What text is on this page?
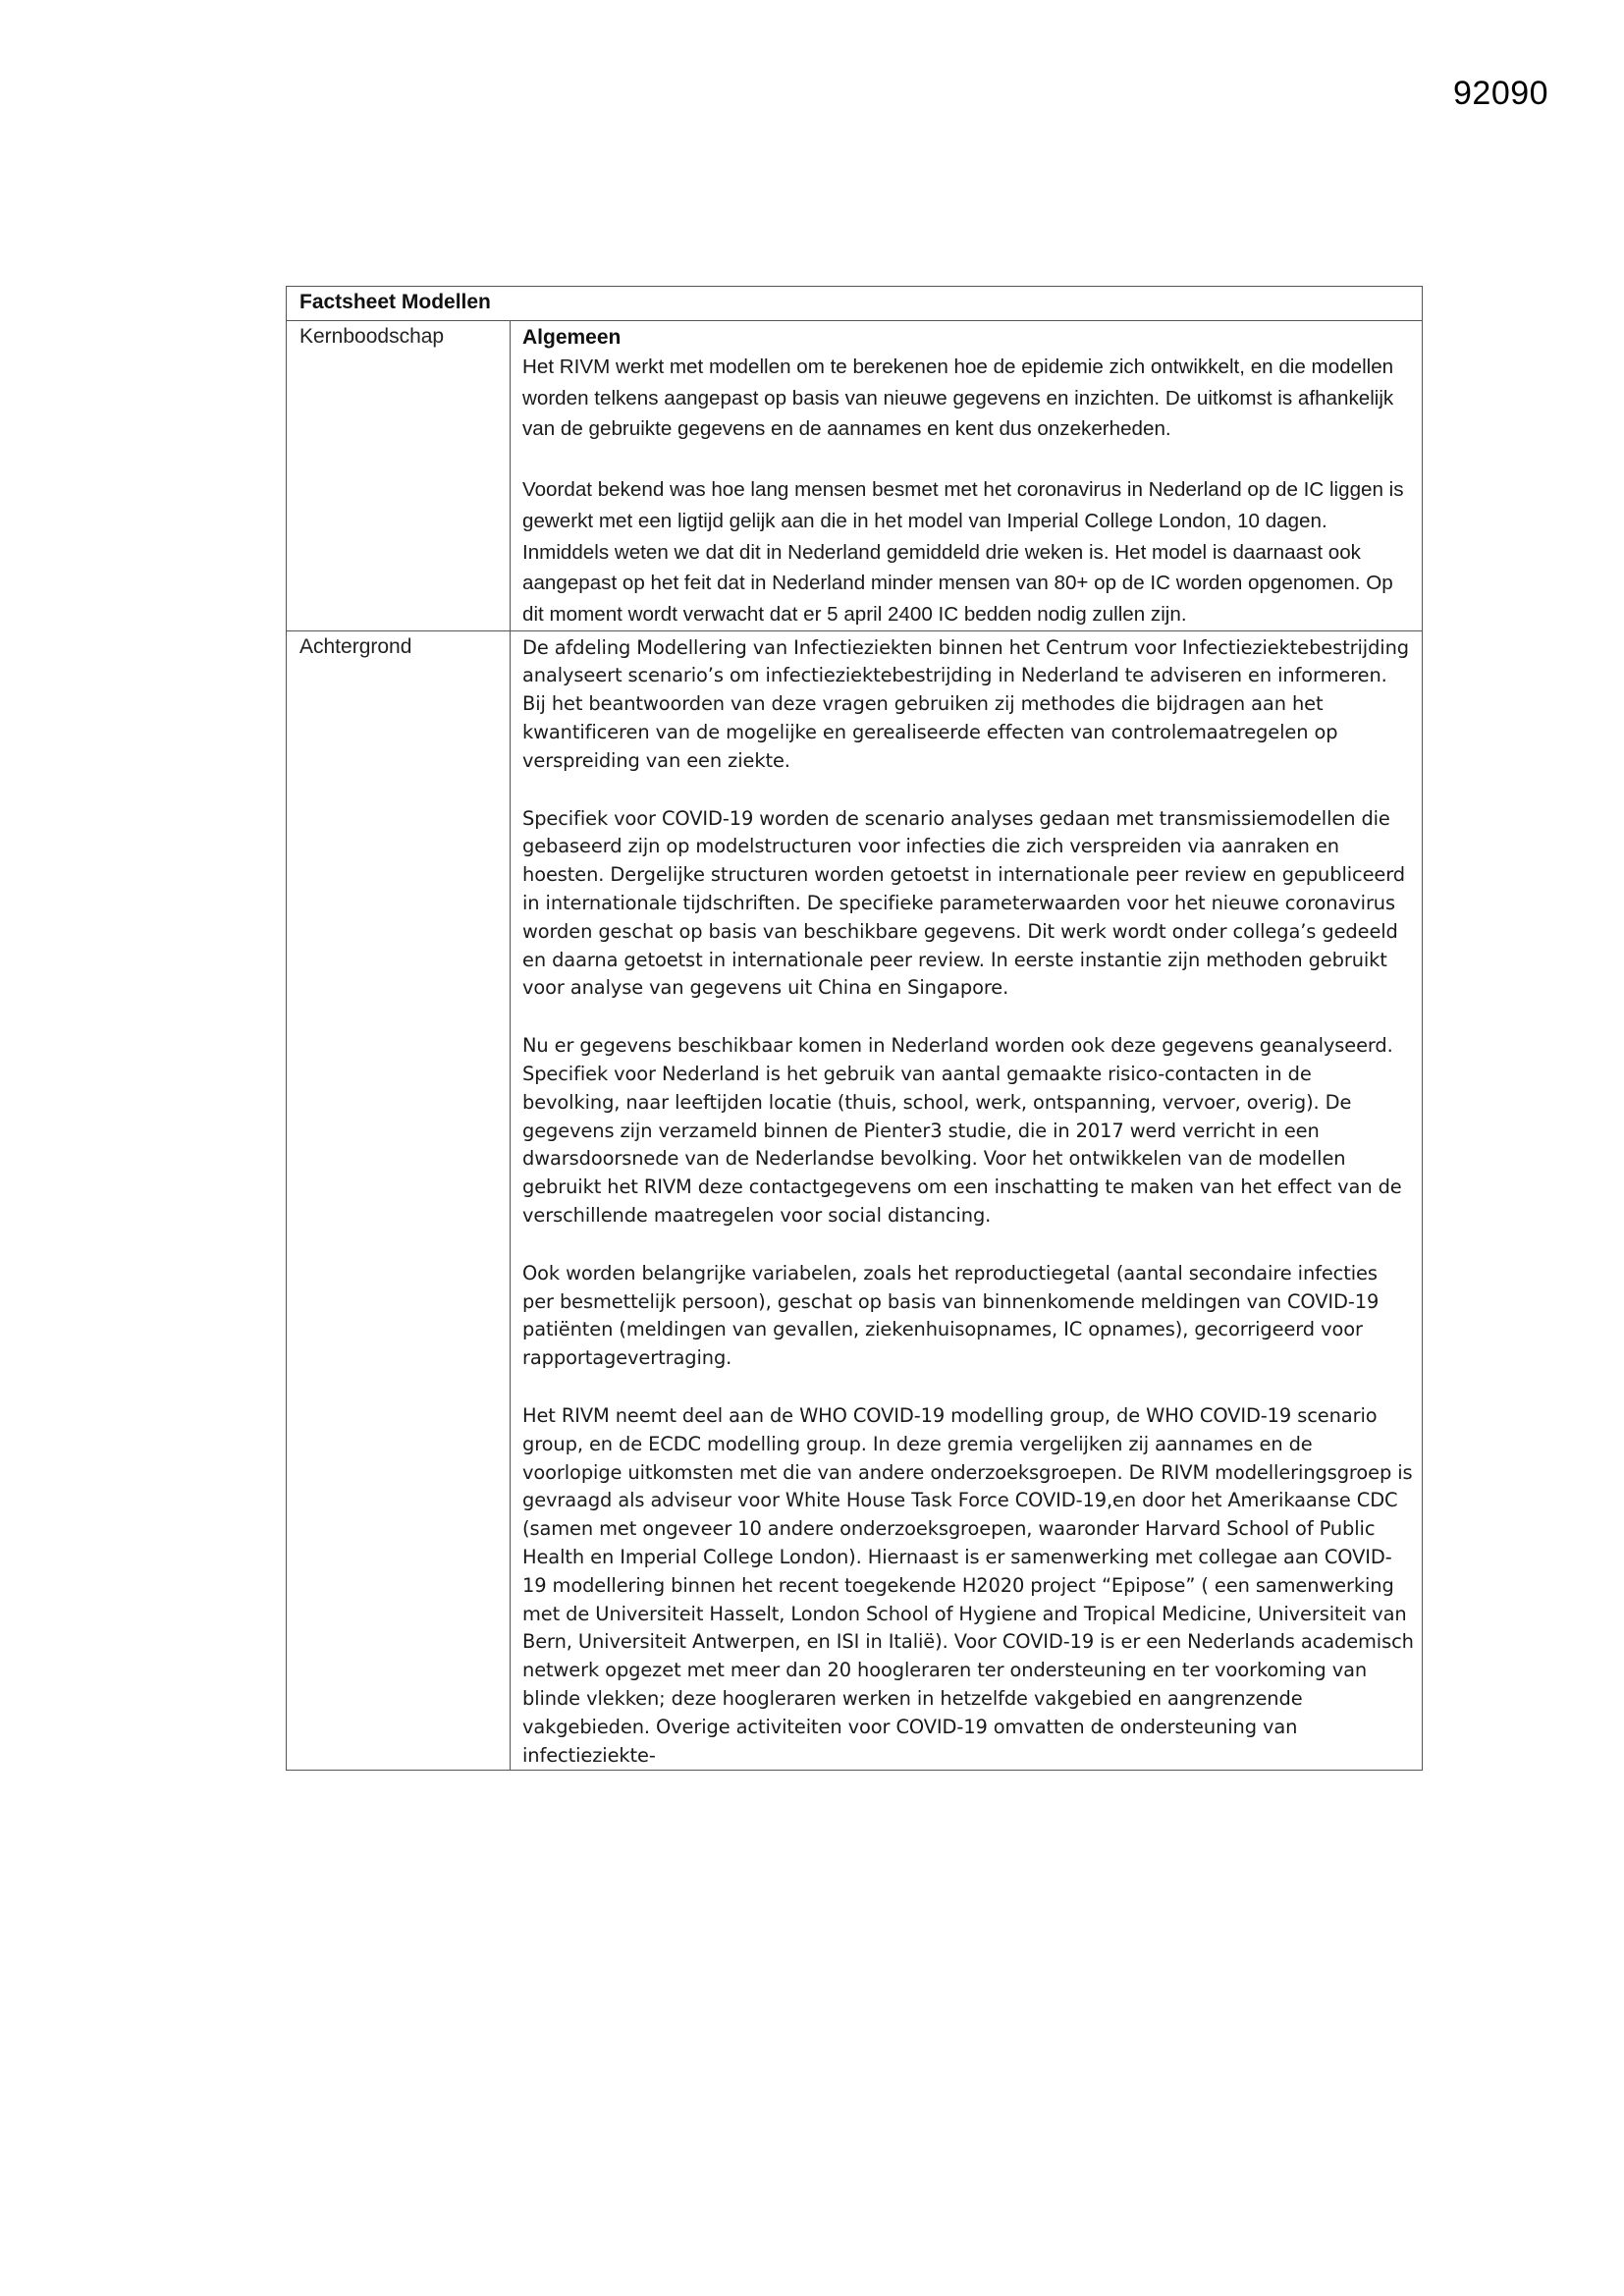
92090
Factsheet Modellen	
Kernboodschap	Algemeen

Het RIVM werkt met modellen om te berekenen hoe de epidemie zich ontwikkelt, en die modellen worden telkens aangepast op basis van nieuwe gegevens en inzichten. De uitkomst is afhankelijk van de gebruikte gegevens en de aannames en kent dus onzekerheden.

Voordat bekend was hoe lang mensen besmet met het coronavirus in Nederland op de IC liggen is gewerkt met een ligtijd gelijk aan die in het model van Imperial College London, 10 dagen. Inmiddels weten we dat dit in Nederland gemiddeld drie weken is. Het model is daarnaast ook aangepast op het feit dat in Nederland minder mensen van 80+ op de IC worden opgenomen. Op dit moment wordt verwacht dat er 5 april 2400 IC bedden nodig zullen zijn.

Achtergrond	De afdeling Modellering van Infectieziekten binnen het Centrum voor Infectieziektebestrijding analyseert scenario’s om infectieziektebestrijding in Nederland te adviseren en informeren. Bij het beantwoorden van deze vragen gebruiken zij methodes die bijdragen aan het kwantificeren van de mogelijke en gerealiseerde effecten van controlemaatregelen op verspreiding van een ziekte.

Specifiek voor COVID-19 worden de scenario analyses gedaan met transmissiemodellen die gebaseerd zijn op modelstructuren voor infecties die zich verspreiden via aanraken en hoesten. Dergelijke structuren worden getoetst in internationale peer review en gepubliceerd in internationale tijdschriften. De specifieke parameterwaarden voor het nieuwe coronavirus worden geschat op basis van beschikbare gegevens. Dit werk wordt onder collega’s gedeeld en daarna getoetst in internationale peer review. In eerste instantie zijn methoden gebruikt voor analyse van gegevens uit China en Singapore.

Nu er gegevens beschikbaar komen in Nederland worden ook deze gegevens geanalyseerd. Specifiek voor Nederland is het gebruik van aantal gemaakte risico-contacten in de bevolking, naar leeftijden locatie (thuis, school, werk, ontspanning, vervoer, overig). De gegevens zijn verzameld binnen de Pienter3 studie, die in 2017 werd verricht in een dwarsdoorsnede van de Nederlandse bevolking. Voor het ontwikkelen van de modellen gebruikt het RIVM deze contactgegevens om een inschatting te maken van het effect van de verschillende maatregelen voor social distancing.

Ook worden belangrijke variabelen, zoals het reproductiegetal (aantal secondaire infecties per besmettelijk persoon), geschat op basis van binnenkomende meldingen van COVID-19 patiënten (meldingen van gevallen, ziekenhuisopnames, IC opnames), gecorrigeerd voor rapportagevertraging.

Het RIVM neemt deel aan de WHO COVID-19 modelling group, de WHO COVID-19 scenario group, en de ECDC modelling group. In deze gremia vergelijken zij aannames en de voorlopige uitkomsten met die van andere onderzoeksgroepen. De RIVM modelleringsgroep is gevraagd als adviseur voor White House Task Force COVID-19,en door het Amerikaanse CDC (samen met ongeveer 10 andere onderzoeksgroepen, waaronder Harvard School of Public Health en Imperial College London). Hiernaast is er samenwerking met collegae aan COVID-19 modellering binnen het recent toegekende H2020 project “Epipose” ( een samenwerking met de Universiteit Hasselt, London School of Hygiene and Tropical Medicine, Universiteit van Bern, Universiteit Antwerpen, en ISI in Italië). Voor COVID-19 is er een Nederlands academisch netwerk opgezet met meer dan 20 hoogleraren ter ondersteuning en ter voorkoming van blinde vlekken; deze hoogleraren werken in hetzelfde vakgebied en aangrenzende vakgebieden. Overige activiteiten voor COVID-19 omvatten de ondersteuning van infectieziekte-
